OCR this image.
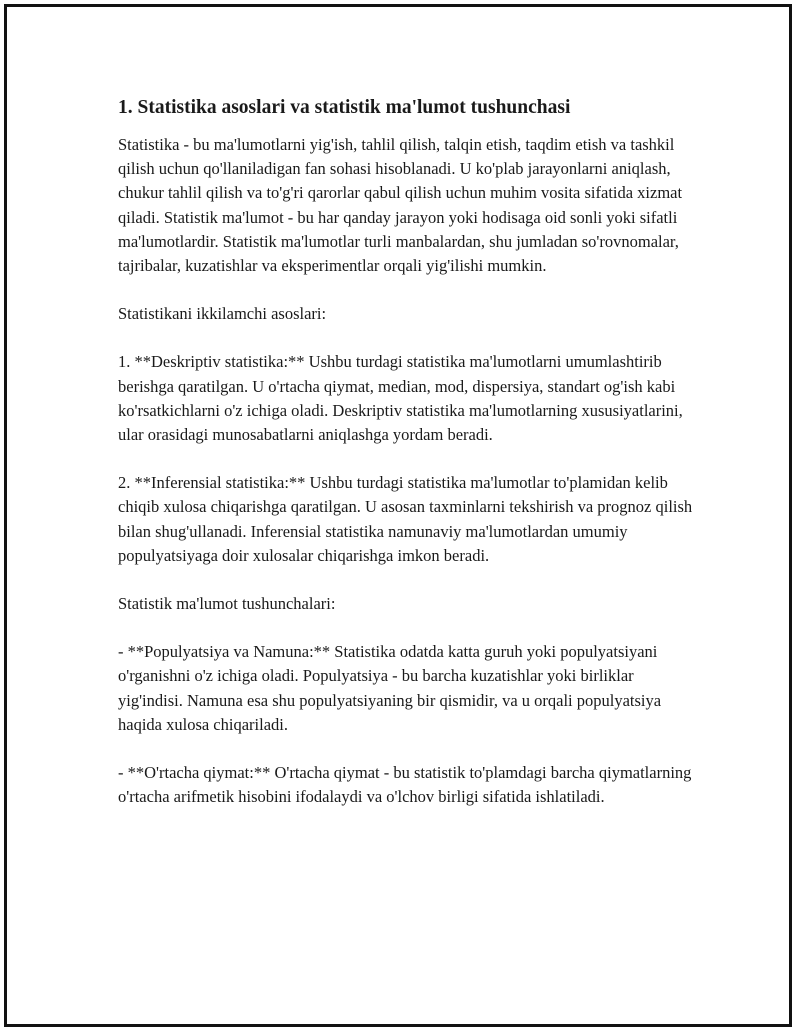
1. Statistika asoslari va statistik ma'lumot tushunchasi

Statistika - bu ma'lumotlarni yig'ish, tahlil qilish, talqin etish, taqdim etish va tashkil qilish uchun qo'llaniladigan fan sohasi hisoblanadi. U ko'plab jarayonlarni aniqlash, chukur tahlil qilish va to'g'ri qarorlar qabul qilish uchun muhim vosita sifatida xizmat qiladi. Statistik ma'lumot - bu har qanday jarayon yoki hodisaga oid sonli yoki sifatli ma'lumotlardir. Statistik ma'lumotlar turli manbalardan, shu jumladan so'rovnomalar, tajribalar, kuzatishlar va eksperimentlar orqali yig'ilishi mumkin.

Statistikani ikkilamchi asoslari:

1. **Deskriptiv statistika:** Ushbu turdagi statistika ma'lumotlarni umumlashtirib berishga qaratilgan. U o'rtacha qiymat, median, mod, dispersiya, standart og'ish kabi ko'rsatkichlarni o'z ichiga oladi. Deskriptiv statistika ma'lumotlarning xususiyatlarini, ular orasidagi munosabatlarni aniqlashga yordam beradi.

2. **Inferensial statistika:** Ushbu turdagi statistika ma'lumotlar to'plamidan kelib chiqib xulosa chiqarishga qaratilgan. U asosan taxminlarni tekshirish va prognoz qilish bilan shug'ullanadi. Inferensial statistika namunaviy ma'lumotlardan umumiy populyatsiyaga doir xulosalar chiqarishga imkon beradi.

Statistik ma'lumot tushunchalari:

- **Populyatsiya va Namuna:** Statistika odatda katta guruh yoki populyatsiyani o'rganishni o'z ichiga oladi. Populyatsiya - bu barcha kuzatishlar yoki birliklar yig'indisi. Namuna esa shu populyatsiyaning bir qismidir, va u orqali populyatsiya haqida xulosa chiqariladi.

- **O'rtacha qiymat:** O'rtacha qiymat - bu statistik to'plamdagi barcha qiymatlarning o'rtacha arifmetik hisobini ifodalaydi va o'lchov birligi sifatida ishlatiladi.
